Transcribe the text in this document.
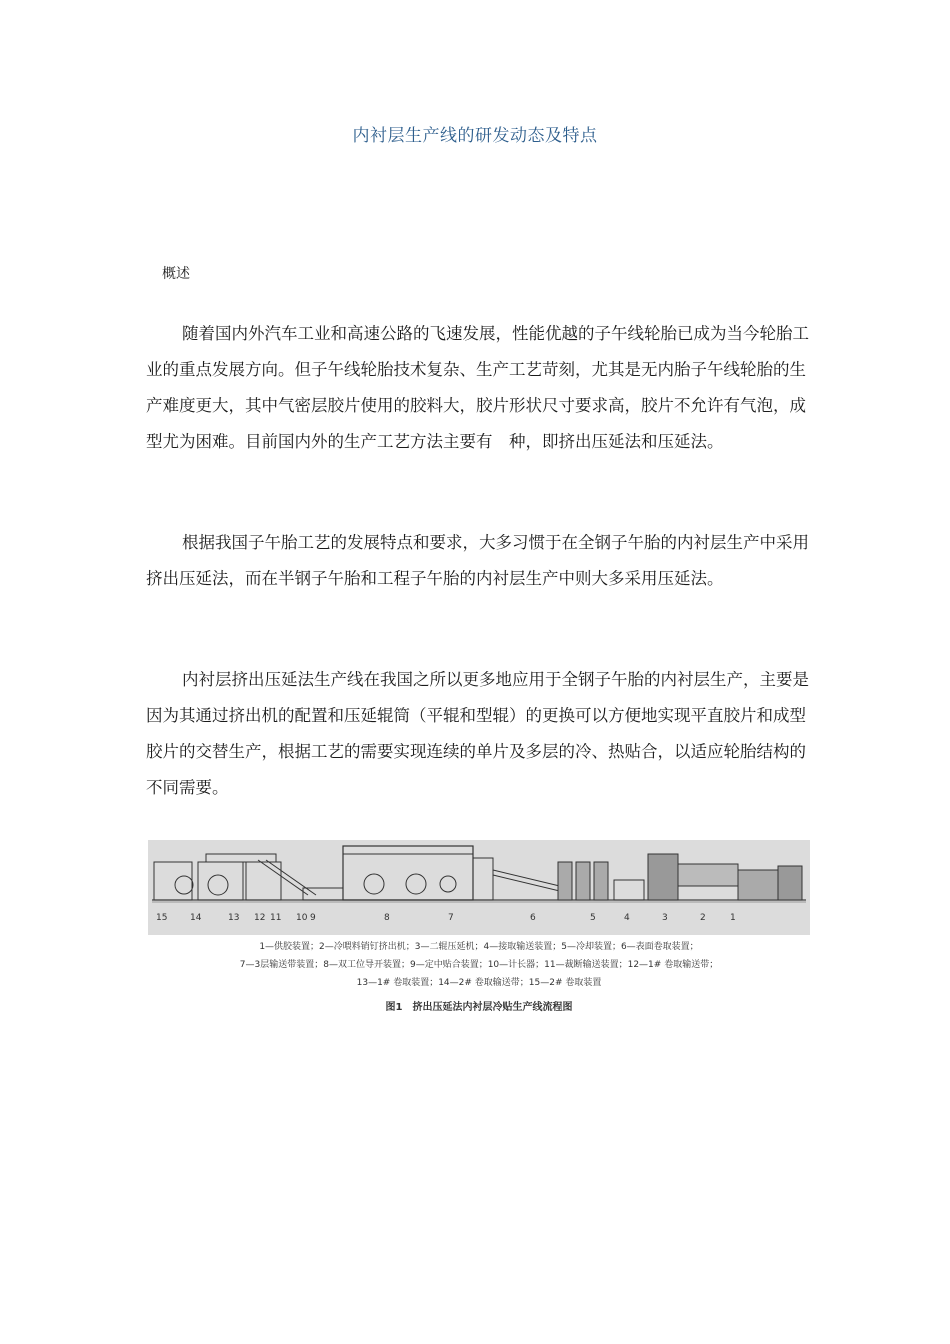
内衬层生产线的研发动态及特点
概述
随着国内外汽车工业和高速公路的飞速发展，性能优越的子午线轮胎已成为当今轮胎工业的重点发展方向。但子午线轮胎技术复杂、生产工艺苛刻，尤其是无内胎子午线轮胎的生产难度更大，其中气密层胶片使用的胶料大，胶片形状尺寸要求高，胶片不允许有气泡，成型尤为困难。目前国内外的生产工艺方法主要有　种，即挤出压延法和压延法。
根据我国子午胎工艺的发展特点和要求，大多习惯于在全钢子午胎的内衬层生产中采用挤出压延法，而在半钢子午胎和工程子午胎的内衬层生产中则大多采用压延法。
内衬层挤出压延法生产线在我国之所以更多地应用于全钢子午胎的内衬层生产，主要是因为其通过挤出机的配置和压延辊筒（平辊和型辊）的更换可以方便地实现平直胶片和成型胶片的交替生产，根据工艺的需要实现连续的单片及多层的冷、热贴合，以适应轮胎结构的不同需要。
15	14	13 12 11 10 9	8	7	6	5	4	3	2	1
1—供胶装置；2—冷喂料销钉挤出机；3—二辊压延机；4—接取输送装置；5—冷却装置；6—表面卷取装置；
7—3层输送带装置；8—双工位导开装置；9—定中贴合装置；10—计长器；11—裁断输送装置；12—1# 卷取输送带；
13—1# 卷取装置；14—2# 卷取输送带；15—2# 卷取装置
图1　挤出压延法内衬层冷贴生产线流程图
